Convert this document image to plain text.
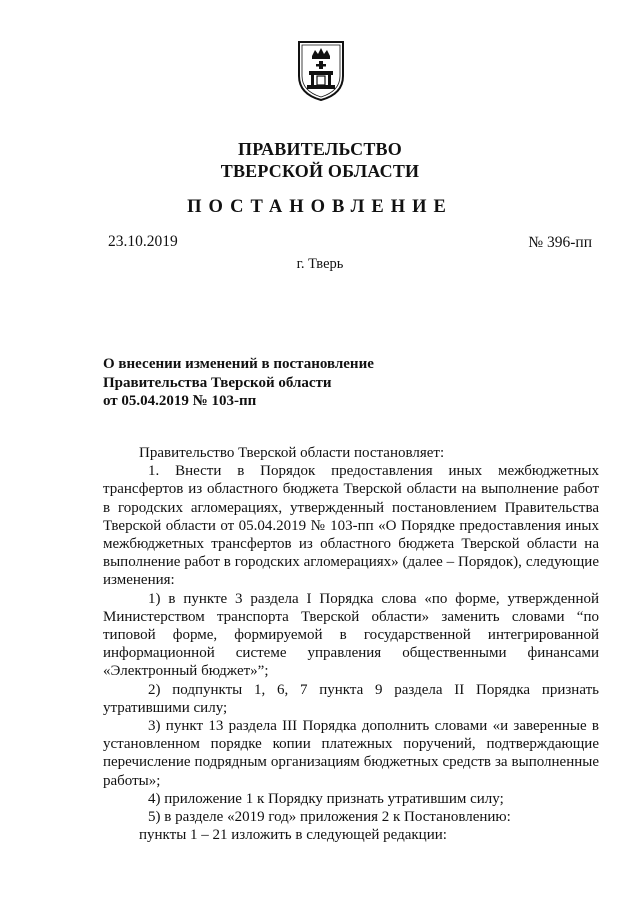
ПРАВИТЕЛЬСТВО
ТВЕРСКОЙ ОБЛАСТИ
ПОСТАНОВЛЕНИЕ
23.10.2019	№ 396-пп
г. Тверь
О внесении изменений в постановление
Правительства Тверской области
от 05.04.2019 № 103-пп

Правительство Тверской области постановляет:

1. Внести в Порядок предоставления иных межбюджетных трансфертов из областного бюджета Тверской области на выполнение работ в городских агломерациях, утвержденный постановлением Правительства Тверской области от 05.04.2019 № 103-пп «О Порядке предоставления иных межбюджетных трансфертов из областного бюджета Тверской области на выполнение работ в городских агломерациях» (далее – Порядок), следующие изменения:

1) в пункте 3 раздела I Порядка слова «по форме, утвержденной Министерством транспорта Тверской области» заменить словами “по типовой форме, формируемой в государственной интегрированной информационной системе управления общественными финансами «Электронный бюджет»”;

2) подпункты 1, 6, 7 пункта 9 раздела II Порядка признать утратившими силу;

3) пункт 13 раздела III Порядка дополнить словами «и заверенные в установленном порядке копии платежных поручений, подтверждающие перечисление подрядным организациям бюджетных средств за выполненные работы»;

4) приложение 1 к Порядку признать утратившим силу;

5) в разделе «2019 год» приложения 2 к Постановлению:

пункты 1 – 21 изложить в следующей редакции:
